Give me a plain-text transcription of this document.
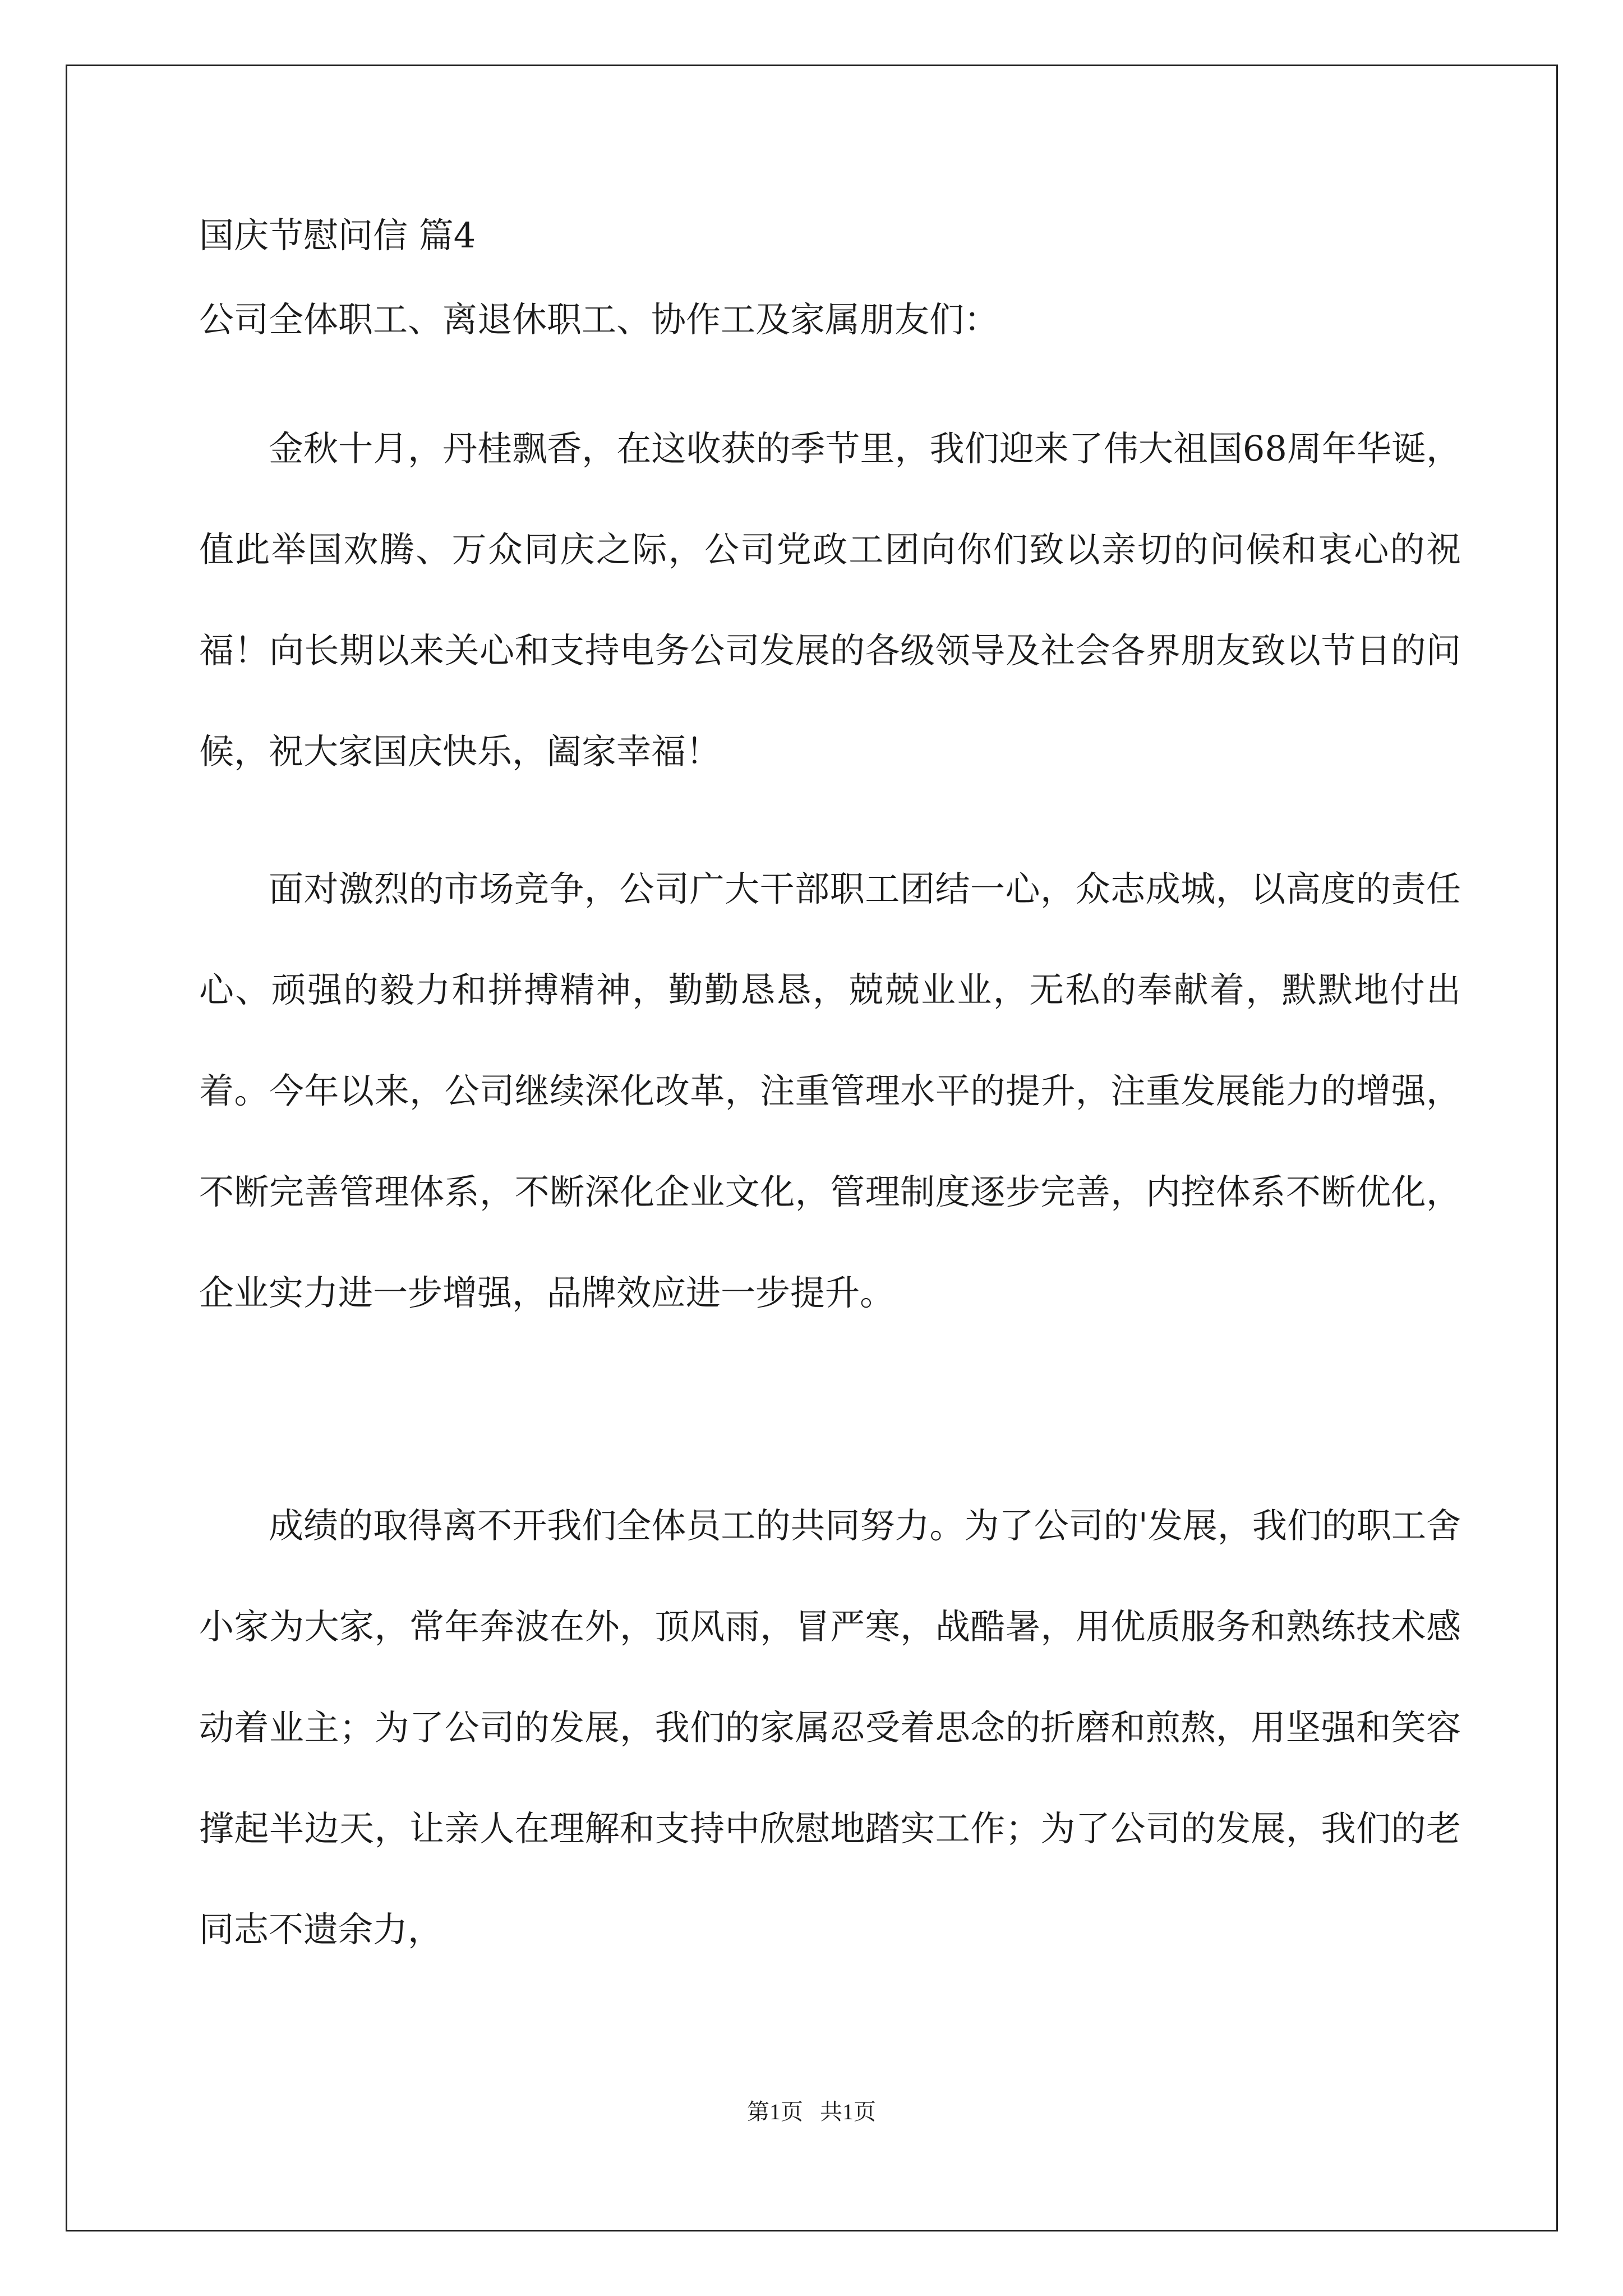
国庆节慰问信 篇4
公司全体职工、离退休职工、协作工及家属朋友们：

金秋十月，丹桂飘香，在这收获的季节里，我们迎来了伟大祖国68周年华诞，值此举国欢腾、万众同庆之际，公司党政工团向你们致以亲切的问候和衷心的祝福！向长期以来关心和支持电务公司发展的各级领导及社会各界朋友致以节日的问候，祝大家国庆快乐，阖家幸福！

面对激烈的市场竞争，公司广大干部职工团结一心，众志成城，以高度的责任心、顽强的毅力和拼搏精神，勤勤恳恳，兢兢业业，无私的奉献着，默默地付出着。今年以来，公司继续深化改革，注重管理水平的提升，注重发展能力的增强，不断完善管理体系，不断深化企业文化，管理制度逐步完善，内控体系不断优化，企业实力进一步增强，品牌效应进一步提升。

成绩的取得离不开我们全体员工的共同努力。为了公司的'发展，我们的职工舍小家为大家，常年奔波在外，顶风雨，冒严寒，战酷暑，用优质服务和熟练技术感动着业主；为了公司的发展，我们的家属忍受着思念的折磨和煎熬，用坚强和笑容撑起半边天，让亲人在理解和支持中欣慰地踏实工作；为了公司的发展，我们的老同志不遗余力，

第1页   共1页
